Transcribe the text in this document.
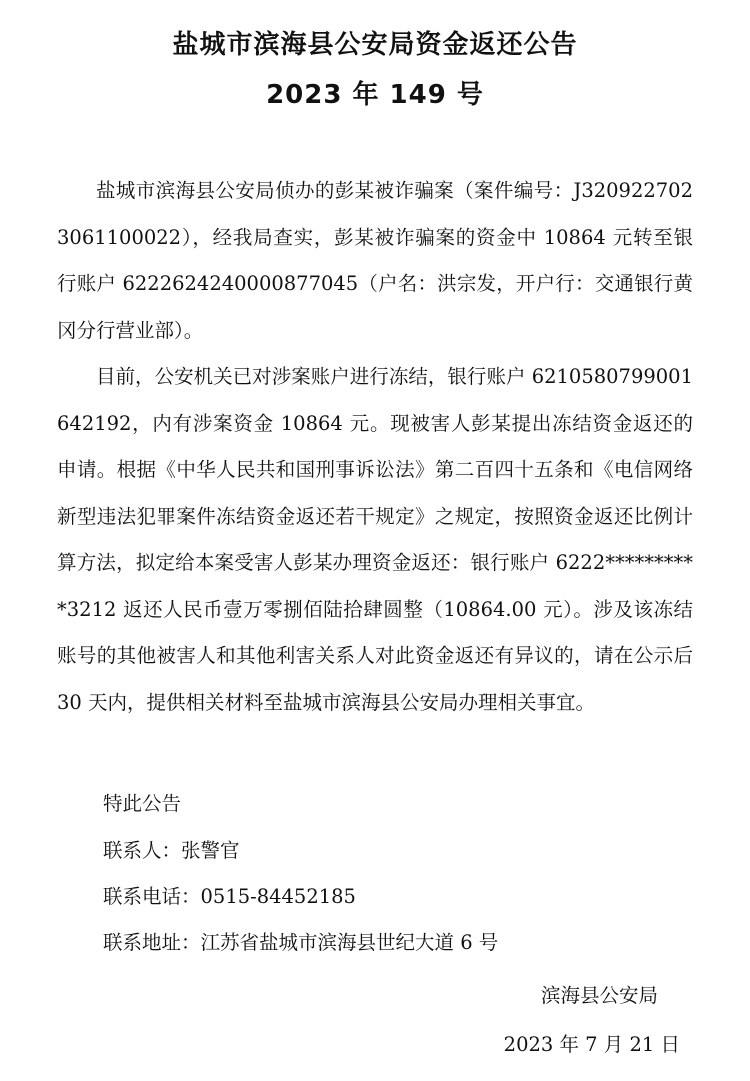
盐城市滨海县公安局资金返还公告
2023 年 149 号

盐城市滨海县公安局侦办的彭某被诈骗案（案件编号：J3209227023061100022），经我局查实，彭某被诈骗案的资金中 10864 元转至银行账户 6222624240000877045（户名：洪宗发，开户行：交通银行黄冈分行营业部）。

目前，公安机关已对涉案账户进行冻结，银行账户 6210580799001642192，内有涉案资金 10864 元。现被害人彭某提出冻结资金返还的申请。根据《中华人民共和国刑事诉讼法》第二百四十五条和《电信网络新型违法犯罪案件冻结资金返还若干规定》之规定，按照资金返还比例计算方法，拟定给本案受害人彭某办理资金返还：银行账户 6222**********3212 返还人民币壹万零捌佰陆拾肆圆整（10864.00 元）。涉及该冻结账号的其他被害人和其他利害关系人对此资金返还有异议的，请在公示后 30 天内，提供相关材料至盐城市滨海县公安局办理相关事宜。

特此公告
联系人：张警官
联系电话：0515-84452185
联系地址：江苏省盐城市滨海县世纪大道 6 号
滨海县公安局
2023 年 7 月 21 日
